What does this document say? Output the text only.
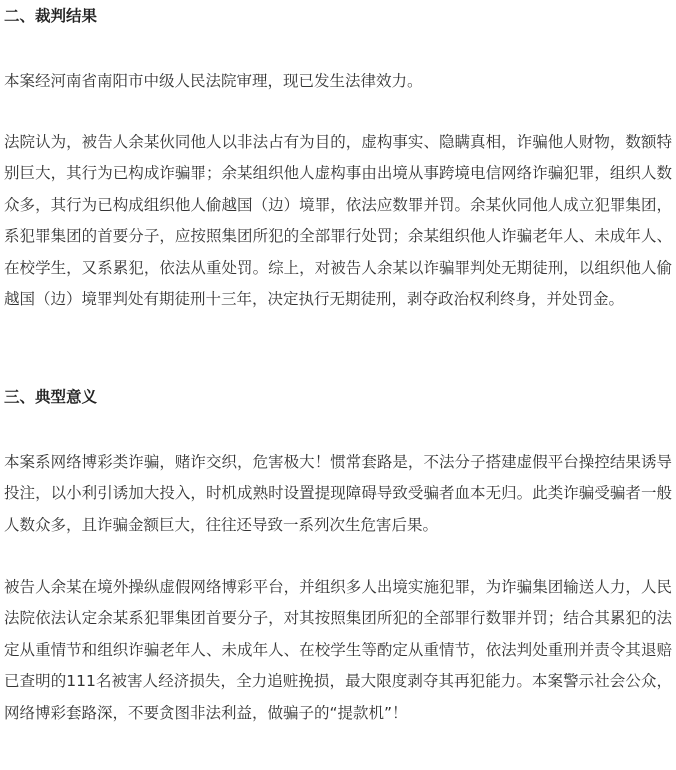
二、裁判结果

本案经河南省南阳市中级人民法院审理，现已发生法律效力。

法院认为，被告人余某伙同他人以非法占有为目的，虚构事实、隐瞒真相，诈骗他人财物，数额特别巨大，其行为已构成诈骗罪；余某组织他人虚构事由出境从事跨境电信网络诈骗犯罪，组织人数众多，其行为已构成组织他人偷越国（边）境罪，依法应数罪并罚。余某伙同他人成立犯罪集团，系犯罪集团的首要分子，应按照集团所犯的全部罪行处罚；余某组织他人诈骗老年人、未成年人、在校学生，又系累犯，依法从重处罚。综上，对被告人余某以诈骗罪判处无期徒刑，以组织他人偷越国（边）境罪判处有期徒刑十三年，决定执行无期徒刑，剥夺政治权利终身，并处罚金。

三、典型意义

本案系网络博彩类诈骗，赌诈交织，危害极大！惯常套路是，不法分子搭建虚假平台操控结果诱导投注，以小利引诱加大投入，时机成熟时设置提现障碍导致受骗者血本无归。此类诈骗受骗者一般人数众多，且诈骗金额巨大，往往还导致一系列次生危害后果。

被告人余某在境外操纵虚假网络博彩平台，并组织多人出境实施犯罪，为诈骗集团输送人力，人民法院依法认定余某系犯罪集团首要分子，对其按照集团所犯的全部罪行数罪并罚；结合其累犯的法定从重情节和组织诈骗老年人、未成年人、在校学生等酌定从重情节，依法判处重刑并责令其退赔已查明的111名被害人经济损失，全力追赃挽损，最大限度剥夺其再犯能力。本案警示社会公众，网络博彩套路深，不要贪图非法利益，做骗子的“提款机”！
